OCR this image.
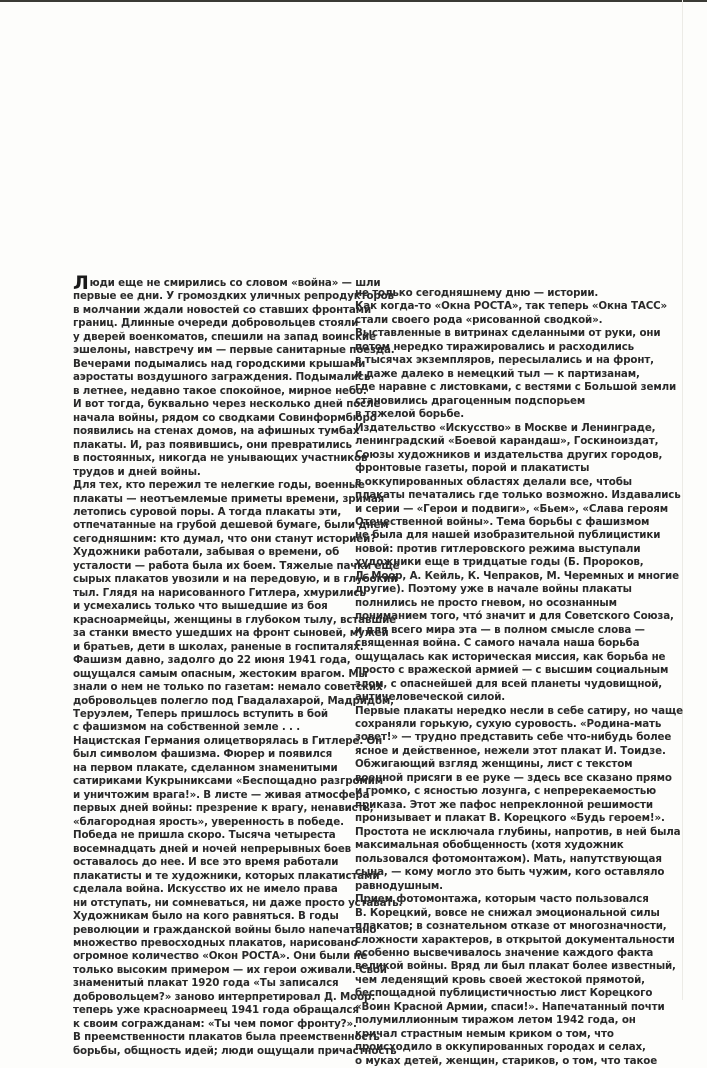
Люди еще не смирились со словом «война» — шли
первые ее дни. У громоздких уличных репродукторов
в молчании ждали новостей со ставших фронтами
границ. Длинные очереди добровольцев стояли
у дверей военкоматов, спешили на запад воинские
эшелоны, навстречу им — первые санитарные поезда.
Вечерами подымались над городскими крышами
аэростаты воздушного заграждения. Подымались
в летнее, недавно такое спокойное, мирное небо.
И вот тогда, буквально через несколько дней после
начала войны, рядом со сводками Совинформбюро
появились на стенах домов, на афишных тумбах
плакаты. И, раз появившись, они превратились
в постоянных, никогда не унывающих участников
трудов и дней войны.
Для тех, кто пережил те нелегкие годы, военные
плакаты — неотъемлемые приметы времени, зримая
летопись суровой поры. А тогда плакаты эти,
отпечатанные на грубой дешевой бумаге, были днем
сегодняшним: кто думал, что они станут историей?
Художники работали, забывая о времени, об
усталости — работа была их боем. Тяжелые пачки еще
сырых плакатов увозили и на передовую, и в глубокий
тыл. Глядя на нарисованного Гитлера, хмурились
и усмехались только что вышедшие из боя
красноармейцы, женщины в глубоком тылу, вставшие
за станки вместо ушедших на фронт сыновей, мужей
и братьев, дети в школах, раненые в госпиталях.
Фашизм давно, задолго до 22 июня 1941 года,
ощущался самым опасным, жестоким врагом. Мы
знали о нем не только по газетам: немало советских
добровольцев полегло под Гвадалахарой, Мадридом,
Теруэлем, Теперь пришлось вступить в бой
с фашизмом на собственной земле . . .
Нацистская Германия олицетворялась в Гитлере. Он
был символом фашизма. Фюрер и появился
на первом плакате, сделанном знаменитыми
сатириками Кукрыниксами «Беспощадно разгромим
и уничтожим врага!». В листе — живая атмосфера
первых дней войны: презрение к врагу, ненависть,
«благородная ярость», уверенность в победе.
Победа не пришла скоро. Тысяча четыреста
восемнадцать дней и ночей непрерывных боев
оставалось до нее. И все это время работали
плакатисты и те художники, которых плакатистами
сделала война. Искусство их не имело права
ни отступать, ни сомневаться, ни даже просто уставать.
Художникам было на кого равняться. В годы
революции и гражданской войны было напечатано
множество превосходных плакатов, нарисовано
огромное количество «Окон РОСТА». Они были не
только высоким примером — их герои оживали. Свой
знаменитый плакат 1920 года «Ты записался
добровольцем?» заново интерпретировал Д. Моор:
теперь уже красноармеец 1941 года обращался
к своим согражданам: «Ты чем помог фронту?».
В преемственности плакатов была преемственность
борьбы, общность идей; люди ощущали причастность
не только сегодняшнему дню — истории.
Как когда-то «Окна РОСТА», так теперь «Окна ТАСС»
стали своего рода «рисованной сводкой».
Выставленные в витринах сделанными от руки, они
потом нередко тиражировались и расходились
в тысячах экземпляров, пересылались и на фронт,
и даже далеко в немецкий тыл — к партизанам,
где наравне с листовками, с вестями с Большой земли
становились драгоценным подспорьем
в тяжелой борьбе.
Издательство «Искусство» в Москве и Ленинграде,
ленинградский «Боевой карандаш», Госкиноиздат,
Союзы художников и издательства других городов,
фронтовые газеты, порой и плакатисты
в оккупированных областях делали все, чтобы
плакаты печатались где только возможно. Издавались
и серии — «Герои и подвиги», «Бьем», «Слава героям
Отечественной войны». Тема борьбы с фашизмом
не была для нашей изобразительной публицистики
новой: против гитлеровского режима выступали
художники еще в тридцатые годы (Б. Пророков,
Д. Моор, А. Кейль, К. Чепраков, М. Черемных и многие
другие). Поэтому уже в начале войны плакаты
полнились не просто гневом, но осознанным
пониманием того, что́ значит и для Советского Союза,
и для всего мира эта — в полном смысле слова —
священная война. С самого начала наша борьба
ощущалась как историческая миссия, как борьба не
просто с вражеской армией — с высшим социальным
злом, с опаснейшей для всей планеты чудовищной,
античеловеческой силой.
Первые плакаты нередко несли в себе сатиру, но чаще
сохраняли горькую, сухую суровость. «Родина-мать
зовет!» — трудно представить себе что-нибудь более
ясное и действенное, нежели этот плакат И. Тоидзе.
Обжигающий взгляд женщины, лист с текстом
военной присяги в ее руке — здесь все сказано прямо
и громко, с ясностью лозунга, с непререкаемостью
приказа. Этот же пафос непреклонной решимости
пронизывает и плакат В. Корецкого «Будь героем!».
Простота не исключала глубины, напротив, в ней была
максимальная обобщенность (хотя художник
пользовался фотомонтажом). Мать, напутствующая
сына, — кому могло это быть чужим, кого оставляло
равнодушным.
Прием фотомонтажа, которым часто пользовался
В. Корецкий, вовсе не снижал эмоциональной силы
плакатов; в сознательном отказе от многозначности,
сложности характеров, в открытой документальности
особенно высвечивалось значение каждого факта
великой войны. Вряд ли был плакат более известный,
чем леденящий кровь своей жестокой прямотой,
беспощадной публицистичностью лист Корецкого
«Воин Красной Армии, спаси!». Напечатанный почти
полумиллионным тиражом летом 1942 года, он
кричал страстным немым криком о том, что
происходило в оккупированных городах и селах,
о муках детей, женщин, стариков, о том, что такое
